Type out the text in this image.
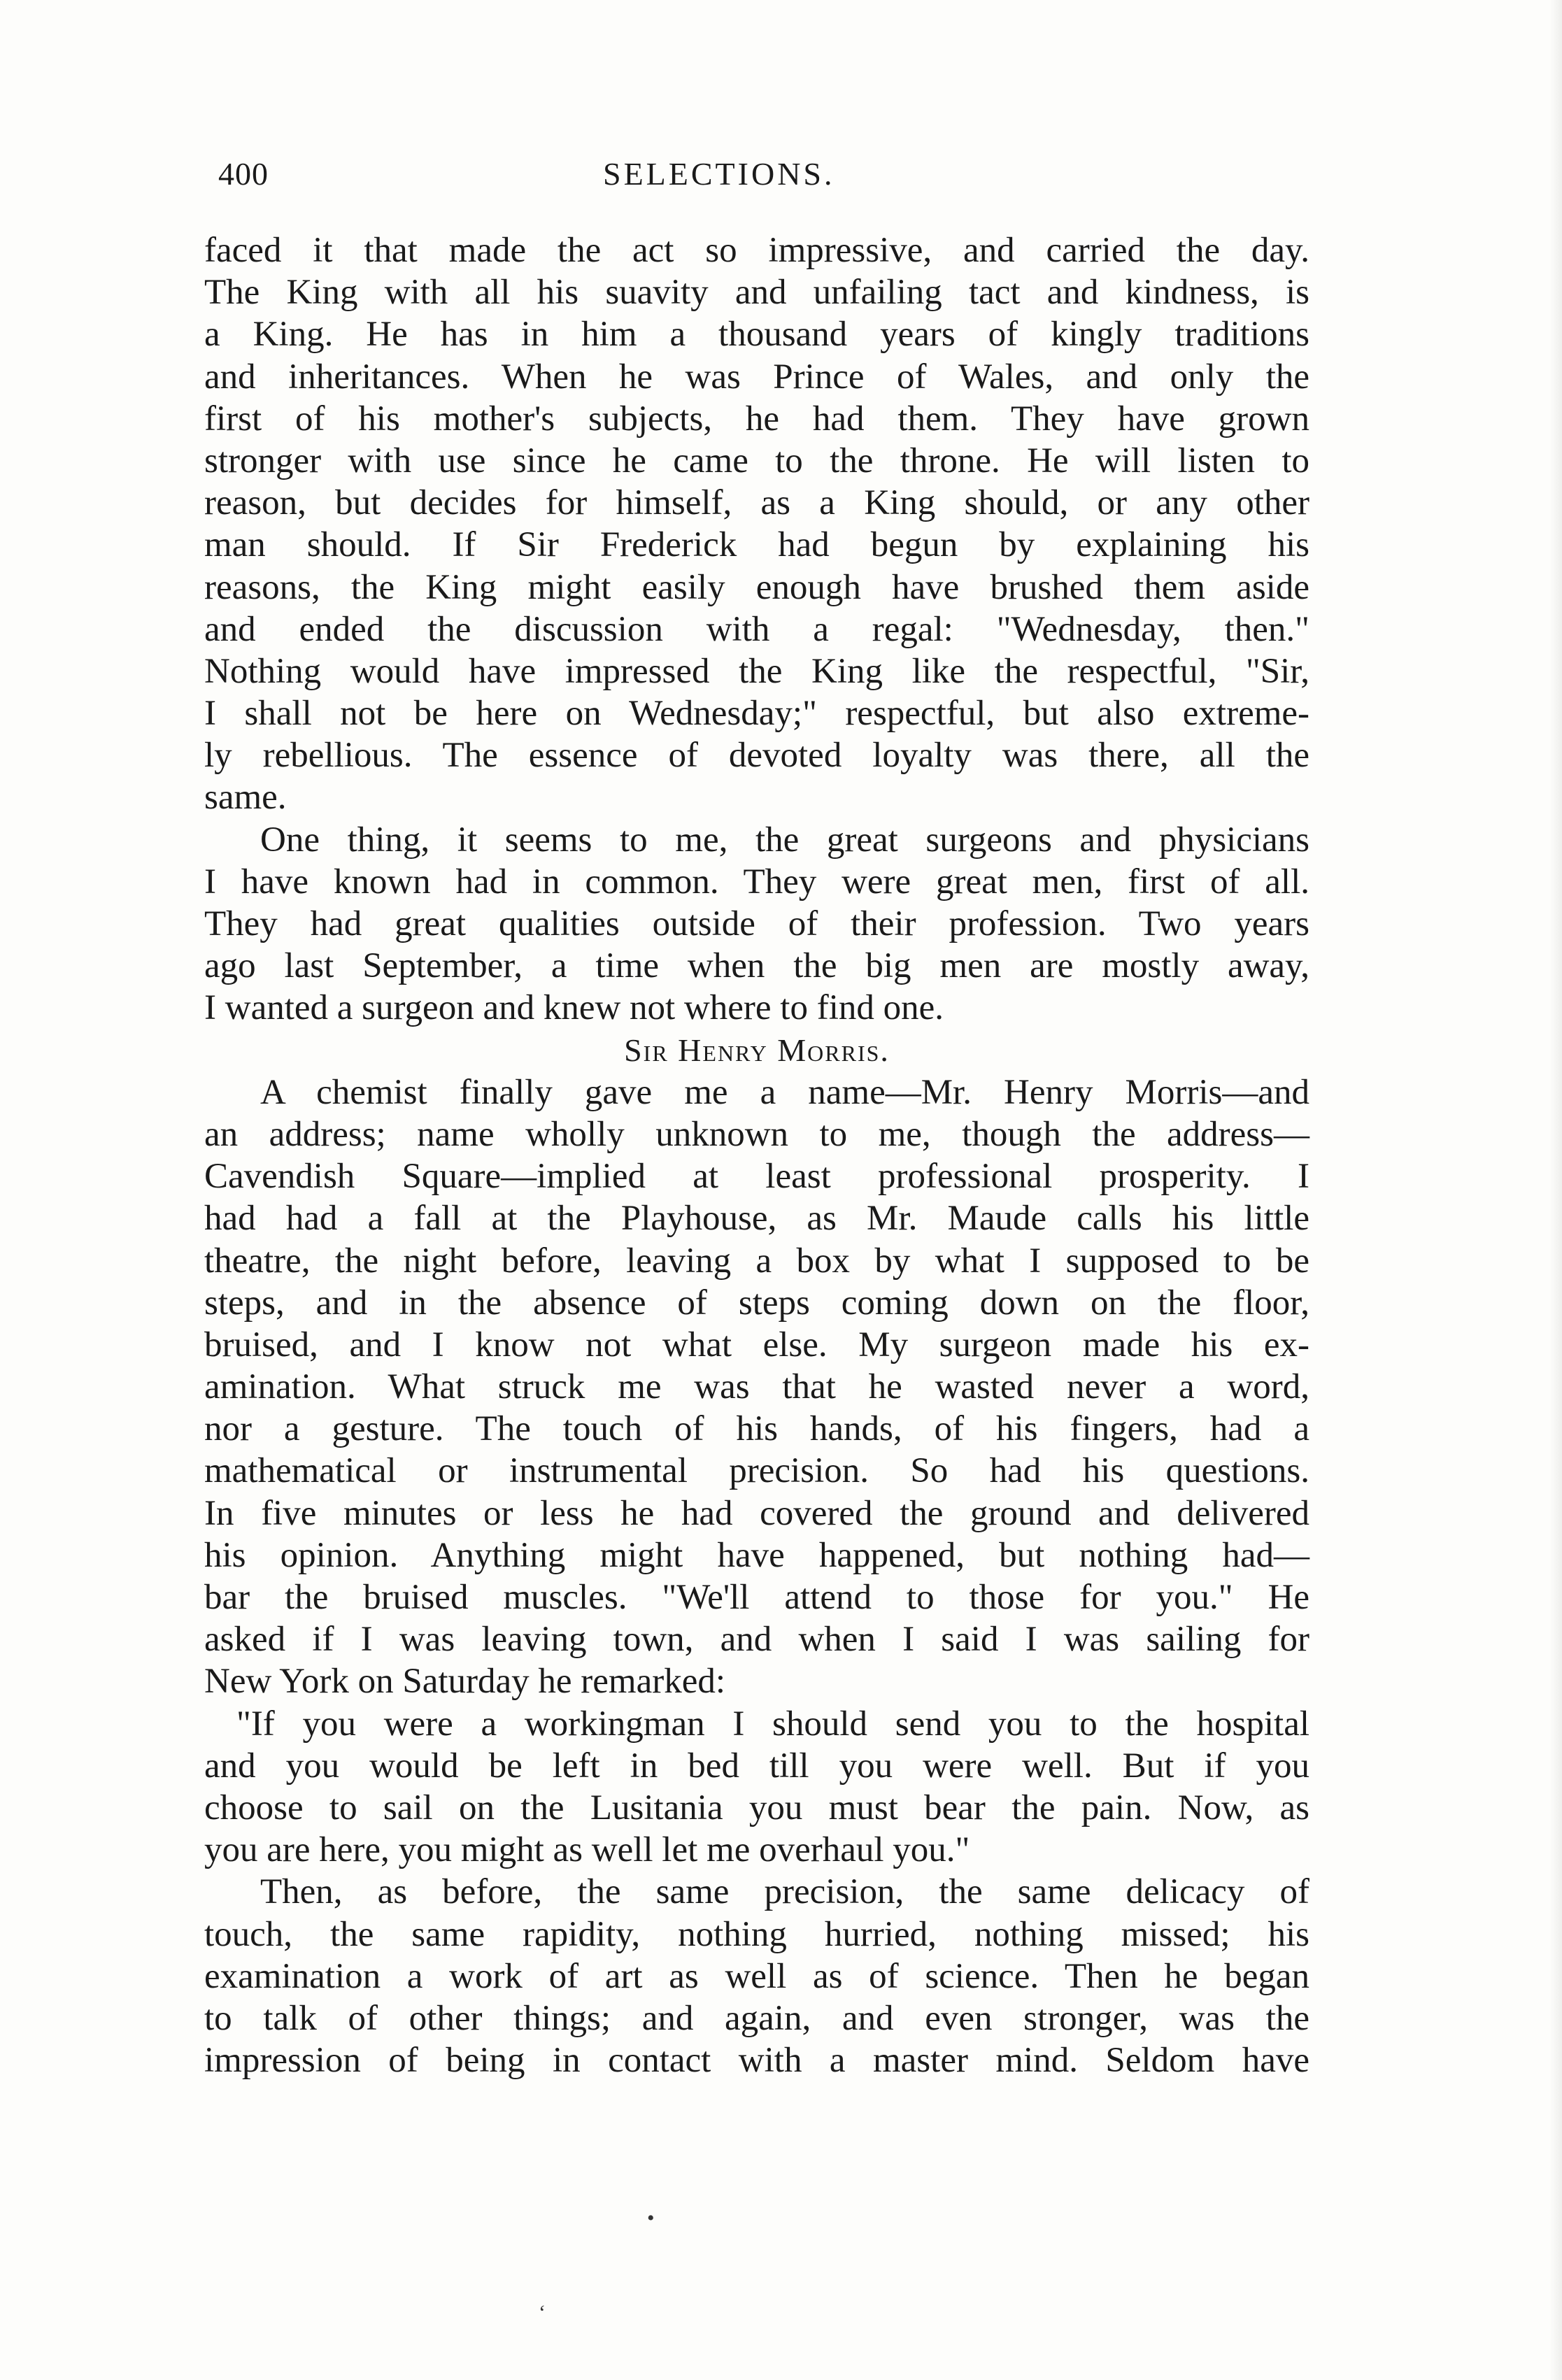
400	SELECTIONS.
faced it that made the act so impressive, and carried the day.
The King with all his suavity and unfailing tact and kindness, is
a King. He has in him a thousand years of kingly traditions
and inheritances. When he was Prince of Wales, and only the
first of his mother's subjects, he had them. They have grown
stronger with use since he came to the throne. He will listen to
reason, but decides for himself, as a King should, or any other
man should. If Sir Frederick had begun by explaining his
reasons, the King might easily enough have brushed them aside
and ended the discussion with a regal: "Wednesday, then."
Nothing would have impressed the King like the respectful, "Sir,
I shall not be here on Wednesday;" respectful, but also extreme-
ly rebellious. The essence of devoted loyalty was there, all the
same.
One thing, it seems to me, the great surgeons and physicians
I have known had in common. They were great men, first of all.
They had great qualities outside of their profession. Two years
ago last September, a time when the big men are mostly away,
I wanted a surgeon and knew not where to find one.
Sir Henry Morris.
A chemist finally gave me a name—Mr. Henry Morris—and
an address; name wholly unknown to me, though the address—
Cavendish Square—implied at least professional prosperity. I
had had a fall at the Playhouse, as Mr. Maude calls his little
theatre, the night before, leaving a box by what I supposed to be
steps, and in the absence of steps coming down on the floor,
bruised, and I know not what else. My surgeon made his ex-
amination. What struck me was that he wasted never a word,
nor a gesture. The touch of his hands, of his fingers, had a
mathematical or instrumental precision. So had his questions.
In five minutes or less he had covered the ground and delivered
his opinion. Anything might have happened, but nothing had—
bar the bruised muscles. "We'll attend to those for you." He
asked if I was leaving town, and when I said I was sailing for
New York on Saturday he remarked:
"If you were a workingman I should send you to the hospital
and you would be left in bed till you were well. But if you
choose to sail on the Lusitania you must bear the pain. Now, as
you are here, you might as well let me overhaul you."
Then, as before, the same precision, the same delicacy of
touch, the same rapidity, nothing hurried, nothing missed; his
examination a work of art as well as of science. Then he began
to talk of other things; and again, and even stronger, was the
impression of being in contact with a master mind. Seldom have
•
‘
